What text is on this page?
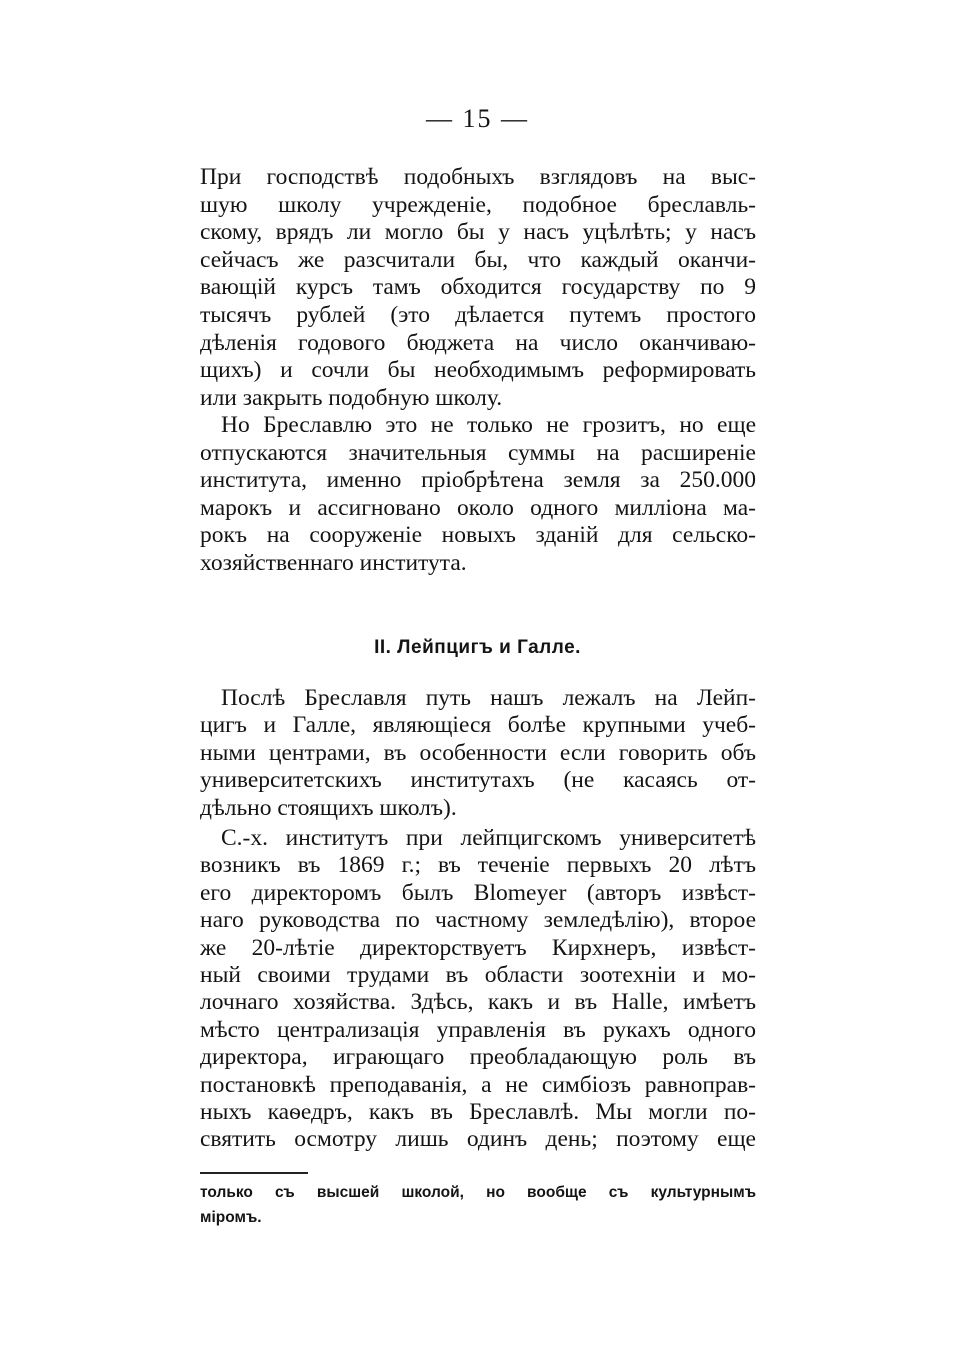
— 15 —

При господствѣ подобныхъ взглядовъ на выс-
шую школу учрежденіе, подобное бреславль-
скому, врядъ ли могло бы у насъ уцѣлѣть; у насъ
сейчасъ же разсчитали бы, что каждый оканчи-
вающій курсъ тамъ обходится государству по 9
тысячъ рублей (это дѣлается путемъ простого
дѣленія годового бюджета на число оканчиваю-
щихъ) и сочли бы необходимымъ реформировать
или закрыть подобную школу.
Но Бреславлю это не только не грозитъ, но еще
отпускаются значительныя суммы на расширеніе
института, именно пріобрѣтена земля за 250.000
марокъ и ассигновано около одного милліона ма-
рокъ на сооруженіе новыхъ зданій для сельско-
хозяйственнаго института.
II. Лейпцигъ и Галле.
Послѣ Бреславля путь нашъ лежалъ на Лейп-
цигъ и Галле, являющіеся болѣе крупными учеб-
ными центрами, въ особенности если говорить объ
университетскихъ институтахъ (не касаясь от-
дѣльно стоящихъ школъ).
С.-х. институтъ при лейпцигскомъ университетѣ
возникъ въ 1869 г.; въ теченіе первыхъ 20 лѣтъ
его директоромъ былъ Blomeyer (авторъ извѣст-
наго руководства по частному земледѣлію), второе
же 20-лѣтіе директорствуетъ Кирхнеръ, извѣст-
ный своими трудами въ области зоотехніи и мо-
лочнаго хозяйства. Здѣсь, какъ и въ Halle, имѣетъ
мѣсто централизація управленія въ рукахъ одного
директора, играющаго преобладающую роль въ
постановкѣ преподаванія, а не симбіозъ равноправ-
ныхъ каѳедръ, какъ въ Бреславлѣ. Мы могли по-
святить осмотру лишь одинъ день; поэтому еще
только съ высшей школой, но вообще съ культурнымъ
міромъ.
